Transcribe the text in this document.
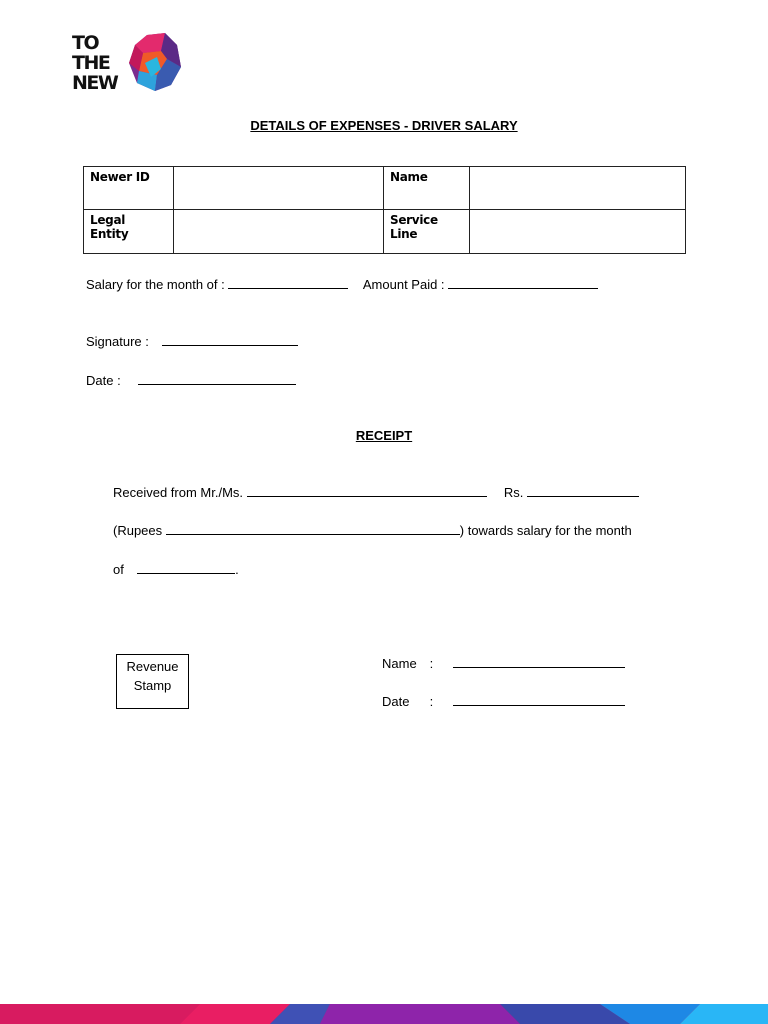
TO
THE
NEW
DETAILS OF EXPENSES - DRIVER SALARY
Newer ID		Name	
Legal Entity		Service Line	
Salary for the month of :	Amount Paid :
Signature :
Date :
RECEIPT
Received from Mr./Ms.	Rs.
(Rupees	) towards salary for the month
of	.
Revenue
Stamp
Name :
Date :
